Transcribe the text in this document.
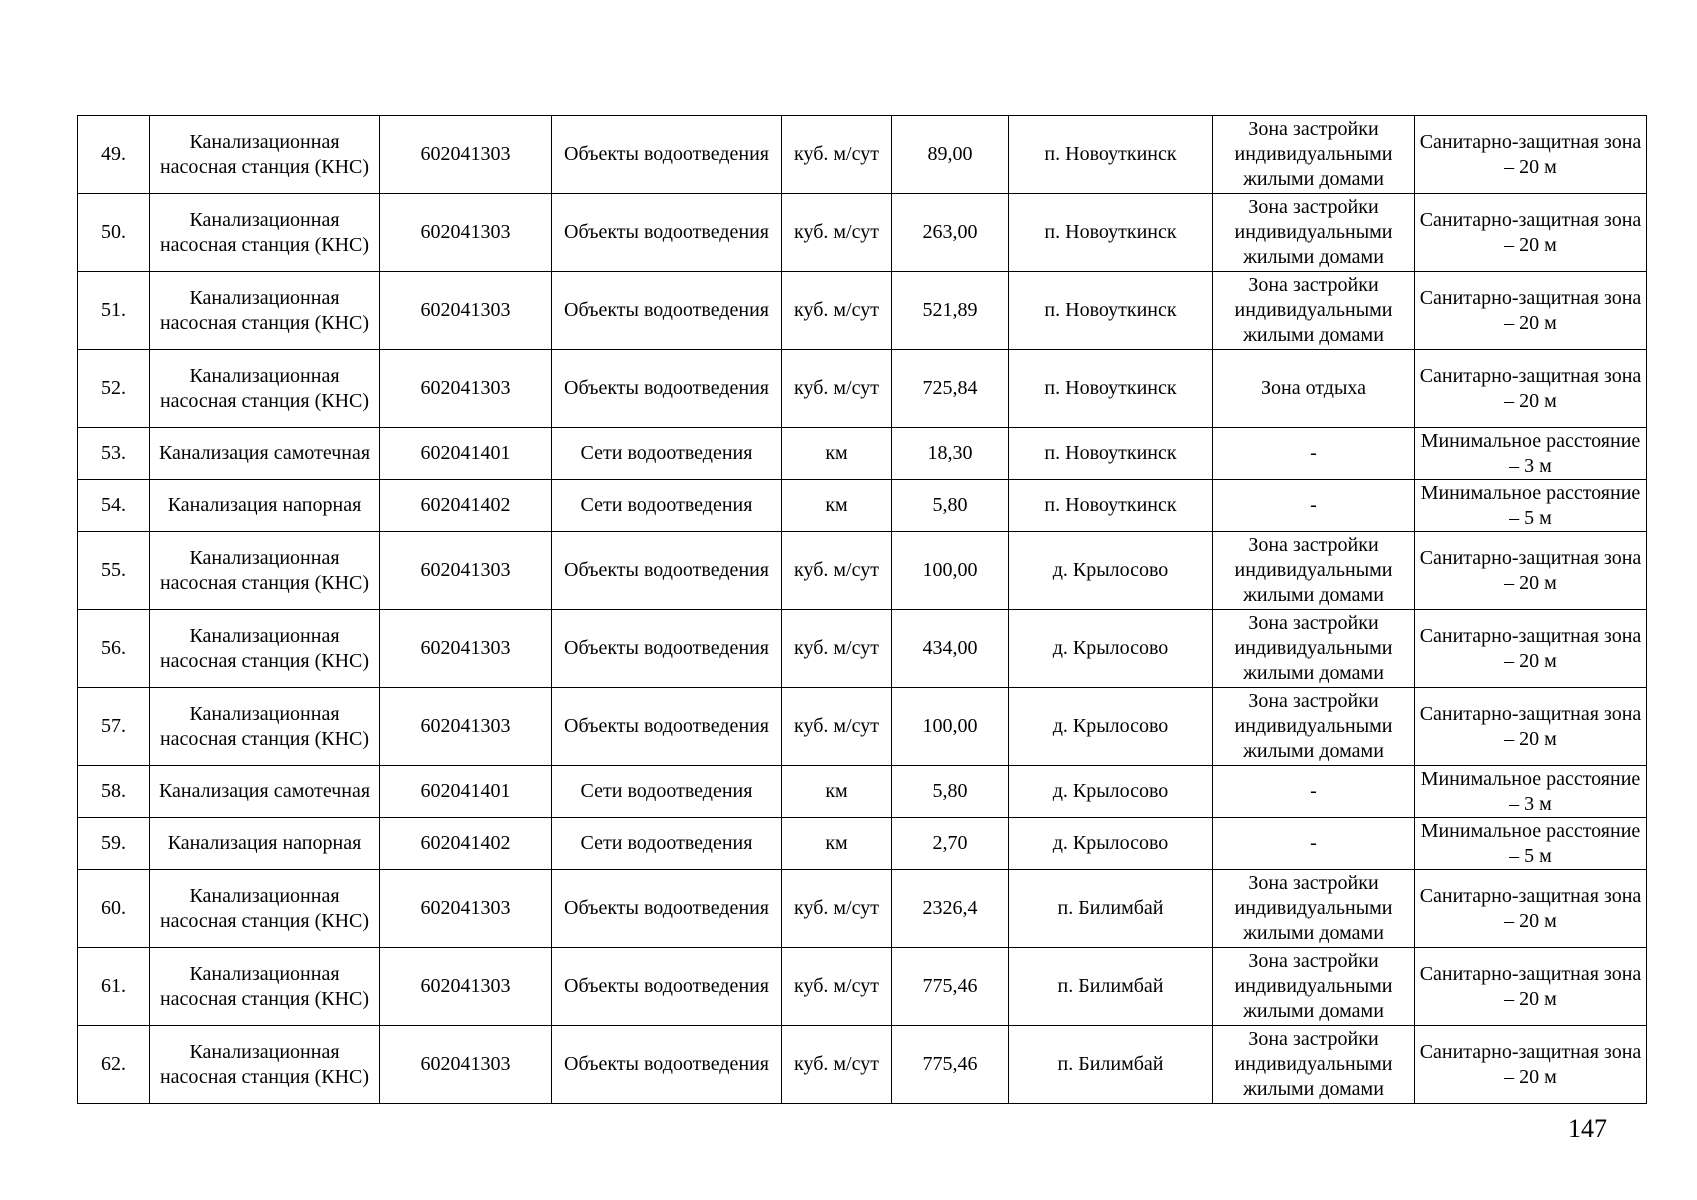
49.	Канализационная насосная станция (КНС)	602041303	Объекты водоотведения	куб. м/сут	89,00	п. Новоуткинск	Зона застройки индивидуальными жилыми домами	Санитарно-защитная зона – 20 м
50.	Канализационная насосная станция (КНС)	602041303	Объекты водоотведения	куб. м/сут	263,00	п. Новоуткинск	Зона застройки индивидуальными жилыми домами	Санитарно-защитная зона – 20 м
51.	Канализационная насосная станция (КНС)	602041303	Объекты водоотведения	куб. м/сут	521,89	п. Новоуткинск	Зона застройки индивидуальными жилыми домами	Санитарно-защитная зона – 20 м
52.	Канализационная насосная станция (КНС)	602041303	Объекты водоотведения	куб. м/сут	725,84	п. Новоуткинск	Зона отдыха	Санитарно-защитная зона – 20 м
53.	Канализация самотечная	602041401	Сети водоотведения	км	18,30	п. Новоуткинск	-	Минимальное расстояние – 3 м
54.	Канализация напорная	602041402	Сети водоотведения	км	5,80	п. Новоуткинск	-	Минимальное расстояние – 5 м
55.	Канализационная насосная станция (КНС)	602041303	Объекты водоотведения	куб. м/сут	100,00	д. Крылосово	Зона застройки индивидуальными жилыми домами	Санитарно-защитная зона – 20 м
56.	Канализационная насосная станция (КНС)	602041303	Объекты водоотведения	куб. м/сут	434,00	д. Крылосово	Зона застройки индивидуальными жилыми домами	Санитарно-защитная зона – 20 м
57.	Канализационная насосная станция (КНС)	602041303	Объекты водоотведения	куб. м/сут	100,00	д. Крылосово	Зона застройки индивидуальными жилыми домами	Санитарно-защитная зона – 20 м
58.	Канализация самотечная	602041401	Сети водоотведения	км	5,80	д. Крылосово	-	Минимальное расстояние – 3 м
59.	Канализация напорная	602041402	Сети водоотведения	км	2,70	д. Крылосово	-	Минимальное расстояние – 5 м
60.	Канализационная насосная станция (КНС)	602041303	Объекты водоотведения	куб. м/сут	2326,4	п. Билимбай	Зона застройки индивидуальными жилыми домами	Санитарно-защитная зона – 20 м
61.	Канализационная насосная станция (КНС)	602041303	Объекты водоотведения	куб. м/сут	775,46	п. Билимбай	Зона застройки индивидуальными жилыми домами	Санитарно-защитная зона – 20 м
62.	Канализационная насосная станция (КНС)	602041303	Объекты водоотведения	куб. м/сут	775,46	п. Билимбай	Зона застройки индивидуальными жилыми домами	Санитарно-защитная зона – 20 м
147
